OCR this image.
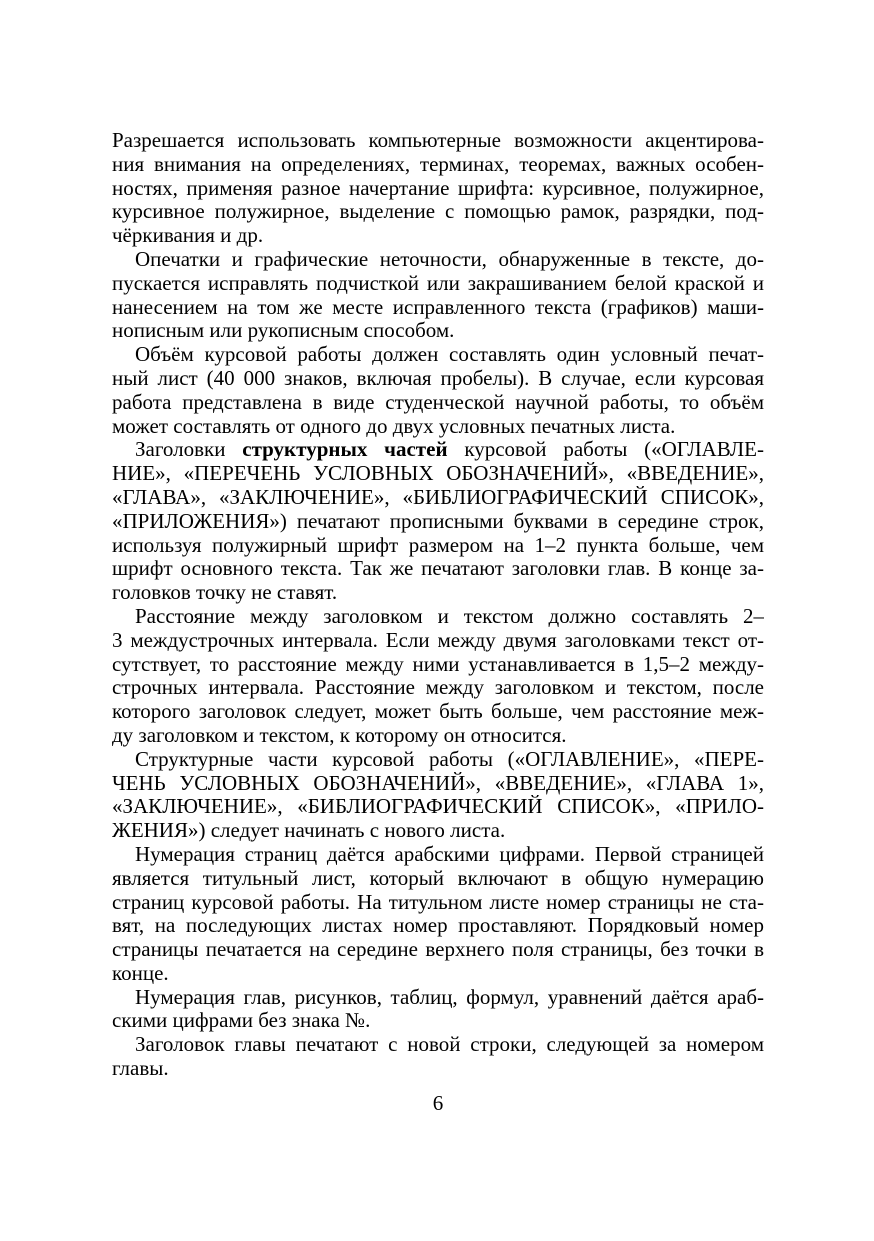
Разрешается использовать компьютерные возможности акцентирова-
ния внимания на определениях, терминах, теоремах, важных особен-
ностях, применяя разное начертание шрифта: курсивное, полужирное,
курсивное полужирное, выделение с помощью рамок, разрядки, под-
чёркивания и др.
Опечатки и графические неточности, обнаруженные в тексте, до-
пускается исправлять подчисткой или закрашиванием белой краской и
нанесением на том же месте исправленного текста (графиков) маши-
нописным или рукописным способом.
Объём курсовой работы должен составлять один условный печат-
ный лист (40 000 знаков, включая пробелы). В случае, если курсовая
работа представлена в виде студенческой научной работы, то объём
может составлять от одного до двух условных печатных листа.
Заголовки структурных частей курсовой работы («ОГЛАВЛЕ-
НИЕ», «ПЕРЕЧЕНЬ УСЛОВНЫХ ОБОЗНАЧЕНИЙ», «ВВЕДЕНИЕ»,
«ГЛАВА», «ЗАКЛЮЧЕНИЕ», «БИБЛИОГРАФИЧЕСКИЙ СПИСОК»,
«ПРИЛОЖЕНИЯ») печатают прописными буквами в середине строк,
используя полужирный шрифт размером на 1–2 пункта больше, чем
шрифт основного текста. Так же печатают заголовки глав. В конце за-
головков точку не ставят.
Расстояние между заголовком и текстом должно составлять 2–
3 междустрочных интервала. Если между двумя заголовками текст от-
сутствует, то расстояние между ними устанавливается в 1,5–2 между-
строчных интервала. Расстояние между заголовком и текстом, после
которого заголовок следует, может быть больше, чем расстояние меж-
ду заголовком и текстом, к которому он относится.
Структурные части курсовой работы («ОГЛАВЛЕНИЕ», «ПЕРЕ-
ЧЕНЬ УСЛОВНЫХ ОБОЗНАЧЕНИЙ», «ВВЕДЕНИЕ», «ГЛАВА 1»,
«ЗАКЛЮЧЕНИЕ», «БИБЛИОГРАФИЧЕСКИЙ СПИСОК», «ПРИЛО-
ЖЕНИЯ») следует начинать с нового листа.
Нумерация страниц даётся арабскими цифрами. Первой страницей
является титульный лист, который включают в общую нумерацию
страниц курсовой работы. На титульном листе номер страницы не ста-
вят, на последующих листах номер проставляют. Порядковый номер
страницы печатается на середине верхнего поля страницы, без точки в
конце.
Нумерация глав, рисунков, таблиц, формул, уравнений даётся араб-
скими цифрами без знака №.
Заголовок главы печатают с новой строки, следующей за номером
главы.
6
